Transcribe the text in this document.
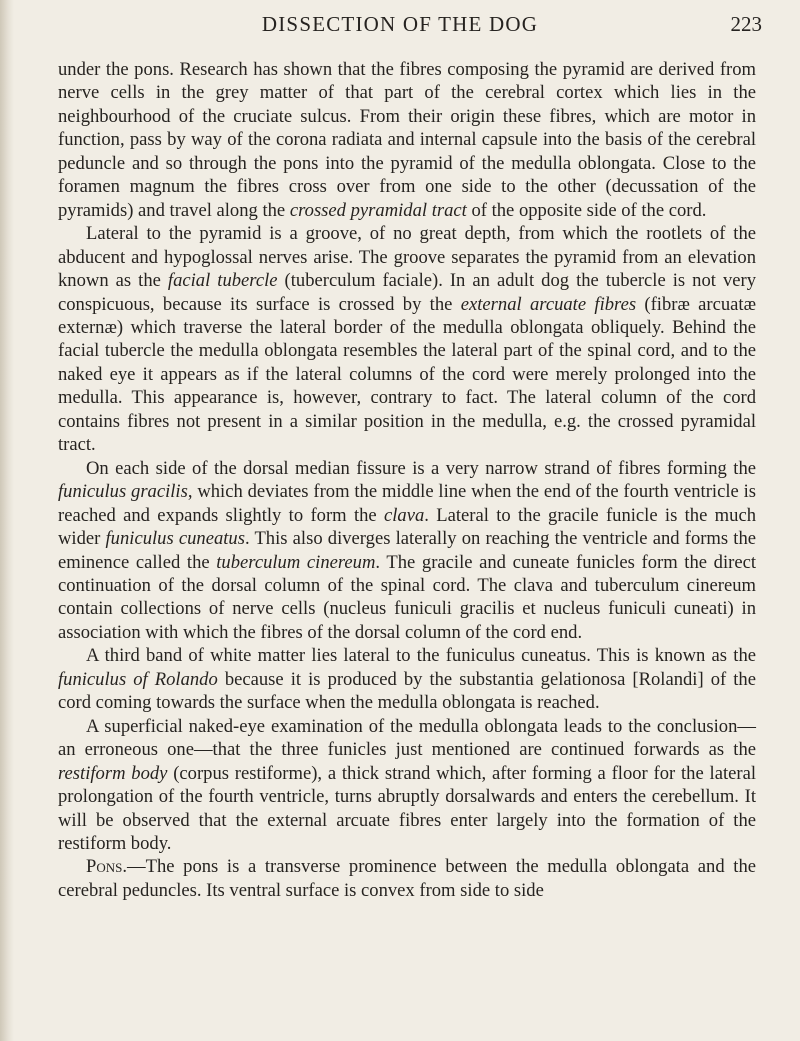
DISSECTION OF THE DOG	223

under the pons. Research has shown that the fibres composing the pyramid are derived from nerve cells in the grey matter of that part of the cerebral cortex which lies in the neighbourhood of the cruciate sulcus. From their origin these fibres, which are motor in function, pass by way of the corona radiata and internal capsule into the basis of the cerebral peduncle and so through the pons into the pyramid of the medulla oblongata. Close to the foramen magnum the fibres cross over from one side to the other (decussation of the pyramids) and travel along the crossed pyramidal tract of the opposite side of the cord.

Lateral to the pyramid is a groove, of no great depth, from which the rootlets of the abducent and hypoglossal nerves arise. The groove separates the pyramid from an elevation known as the facial tubercle (tuberculum faciale). In an adult dog the tubercle is not very conspicuous, because its surface is crossed by the external arcuate fibres (fibræ arcuatæ externæ) which traverse the lateral border of the medulla oblongata obliquely. Behind the facial tubercle the medulla oblongata resembles the lateral part of the spinal cord, and to the naked eye it appears as if the lateral columns of the cord were merely prolonged into the medulla. This appearance is, however, contrary to fact. The lateral column of the cord contains fibres not present in a similar position in the medulla, e.g. the crossed pyramidal tract.

On each side of the dorsal median fissure is a very narrow strand of fibres forming the funiculus gracilis, which deviates from the middle line when the end of the fourth ventricle is reached and expands slightly to form the clava. Lateral to the gracile funicle is the much wider funiculus cuneatus. This also diverges laterally on reaching the ventricle and forms the eminence called the tuberculum cinereum. The gracile and cuneate funicles form the direct continuation of the dorsal column of the spinal cord. The clava and tuberculum cinereum contain collections of nerve cells (nucleus funiculi gracilis et nucleus funiculi cuneati) in association with which the fibres of the dorsal column of the cord end.

A third band of white matter lies lateral to the funiculus cuneatus. This is known as the funiculus of Rolando because it is produced by the substantia gelationosa [Rolandi] of the cord coming towards the surface when the medulla oblongata is reached.

A superficial naked-eye examination of the medulla oblongata leads to the conclusion—an erroneous one—that the three funicles just mentioned are continued forwards as the restiform body (corpus restiforme), a thick strand which, after forming a floor for the lateral prolongation of the fourth ventricle, turns abruptly dorsalwards and enters the cerebellum. It will be observed that the external arcuate fibres enter largely into the formation of the restiform body.

Pons.—The pons is a transverse prominence between the medulla oblongata and the cerebral peduncles. Its ventral surface is convex from side to side
